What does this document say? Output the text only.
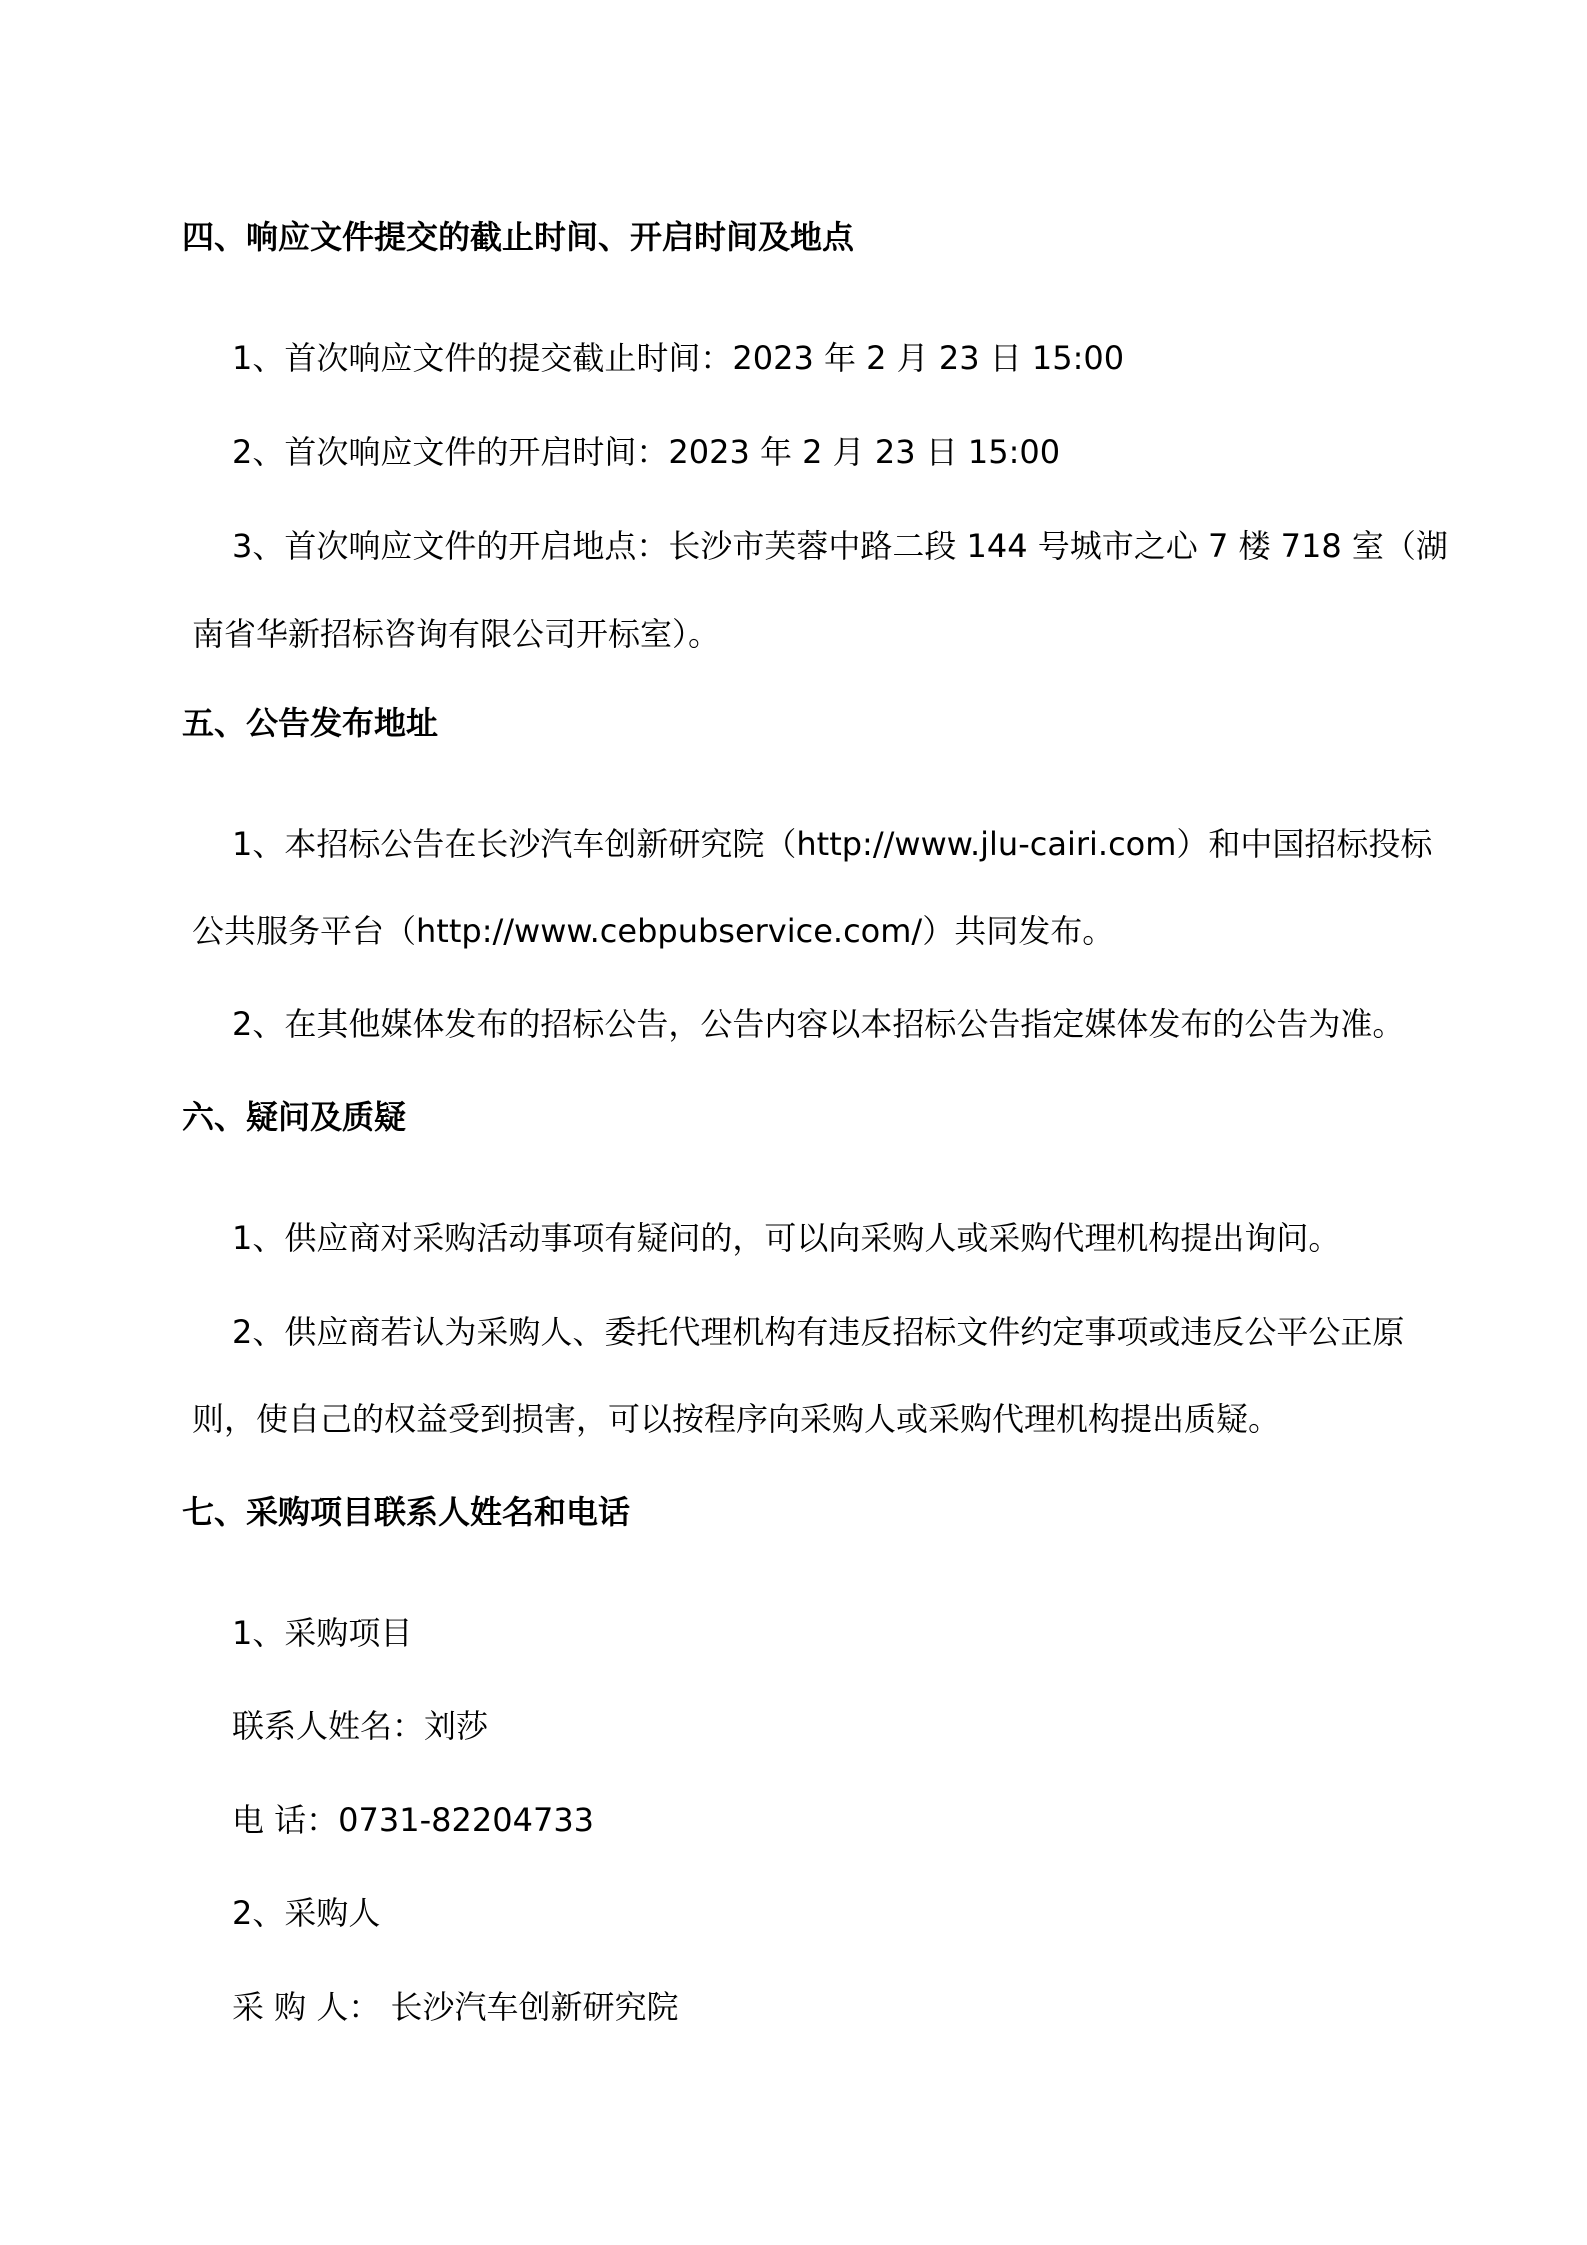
四、响应文件提交的截止时间、开启时间及地点
1、首次响应文件的提交截止时间：2023 年 2 月 23 日 15:00
2、首次响应文件的开启时间：2023 年 2 月 23 日 15:00
3、首次响应文件的开启地点：长沙市芙蓉中路二段 144 号城市之心 7 楼 718 室（湖
南省华新招标咨询有限公司开标室）。
五、公告发布地址
1、本招标公告在长沙汽车创新研究院（http://www.jlu-cairi.com）和中国招标投标
公共服务平台（http://www.cebpubservice.com/）共同发布。
2、在其他媒体发布的招标公告，公告内容以本招标公告指定媒体发布的公告为准。
六、疑问及质疑
1、供应商对采购活动事项有疑问的，可以向采购人或采购代理机构提出询问。
2、供应商若认为采购人、委托代理机构有违反招标文件约定事项或违反公平公正原
则，使自己的权益受到损害，可以按程序向采购人或采购代理机构提出质疑。
七、采购项目联系人姓名和电话
1、采购项目
联系人姓名：刘莎
电 话：0731-82204733
2、采购人
采 购 人： 长沙汽车创新研究院
